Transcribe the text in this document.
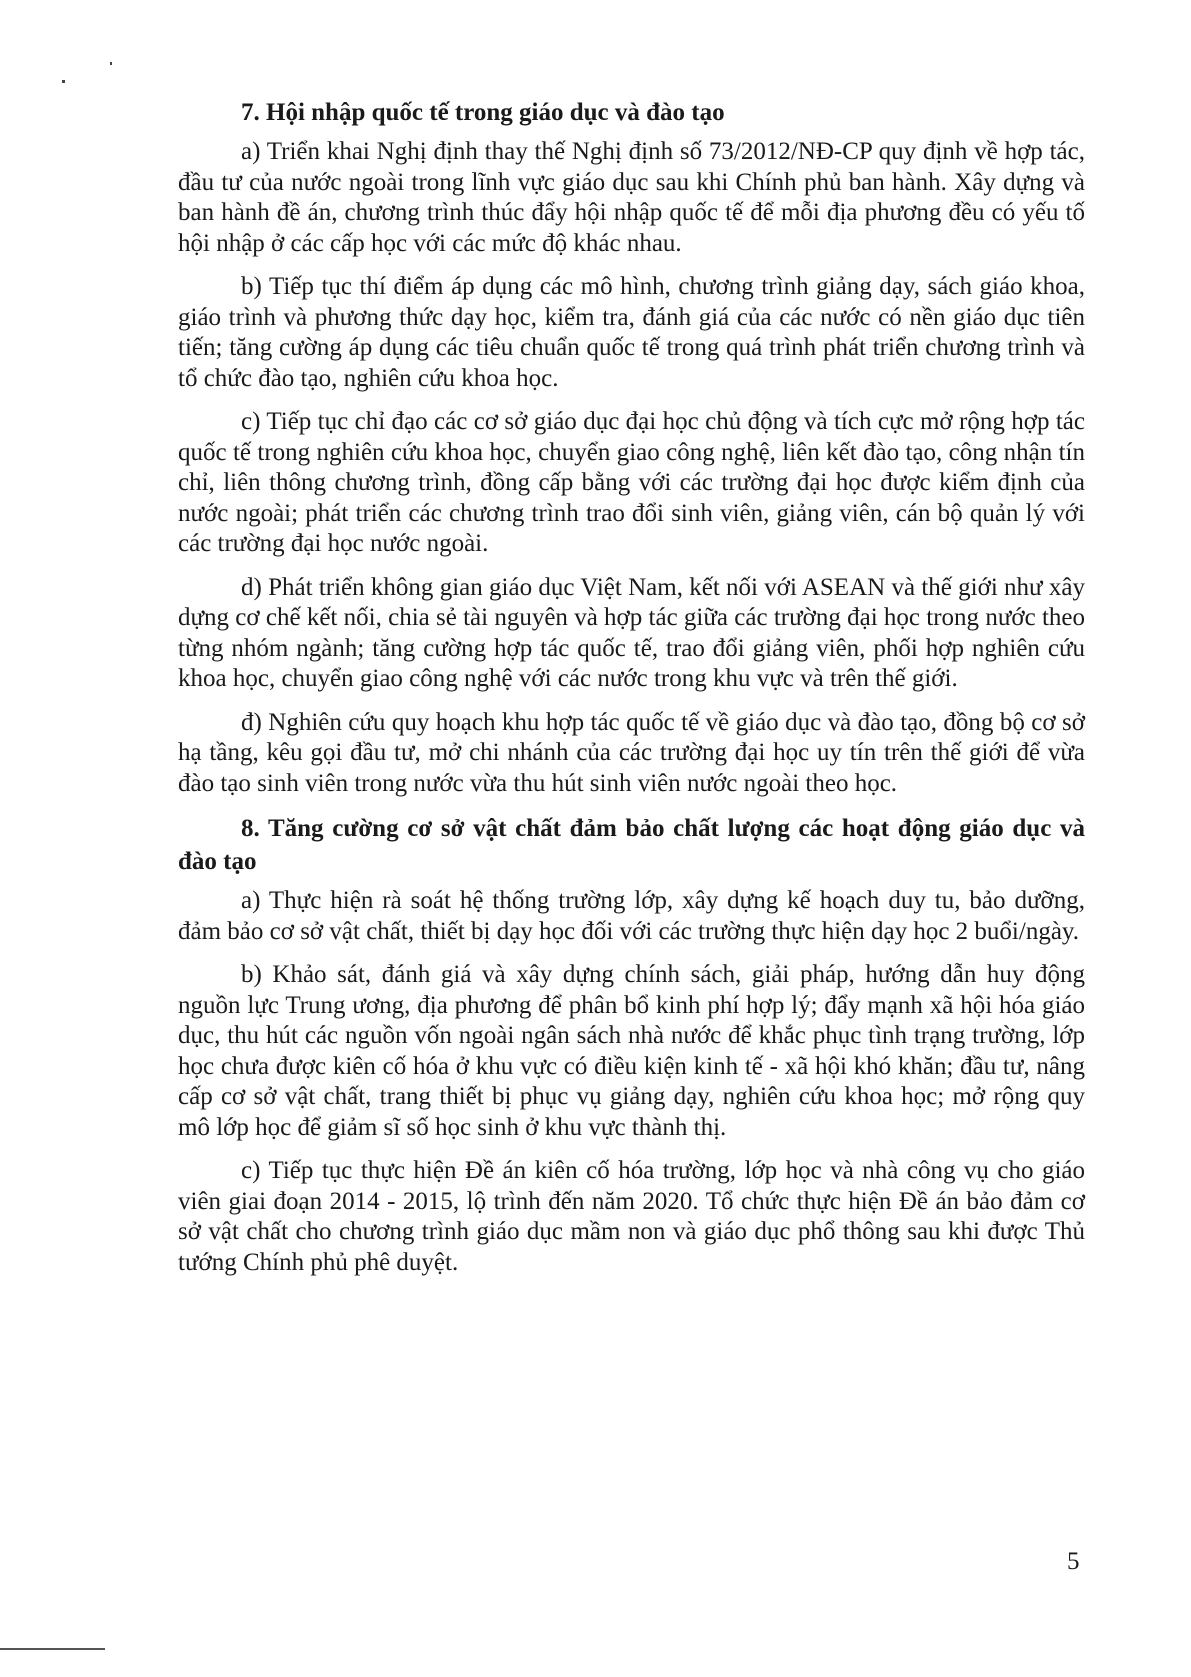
7. Hội nhập quốc tế trong giáo dục và đào tạo

a) Triển khai Nghị định thay thế Nghị định số 73/2012/NĐ-CP quy định về hợp tác, đầu tư của nước ngoài trong lĩnh vực giáo dục sau khi Chính phủ ban hành. Xây dựng và ban hành đề án, chương trình thúc đẩy hội nhập quốc tế để mỗi địa phương đều có yếu tố hội nhập ở các cấp học với các mức độ khác nhau.

b) Tiếp tục thí điểm áp dụng các mô hình, chương trình giảng dạy, sách giáo khoa, giáo trình và phương thức dạy học, kiểm tra, đánh giá của các nước có nền giáo dục tiên tiến; tăng cường áp dụng các tiêu chuẩn quốc tế trong quá trình phát triển chương trình và tổ chức đào tạo, nghiên cứu khoa học.

c) Tiếp tục chỉ đạo các cơ sở giáo dục đại học chủ động và tích cực mở rộng hợp tác quốc tế trong nghiên cứu khoa học, chuyển giao công nghệ, liên kết đào tạo, công nhận tín chỉ, liên thông chương trình, đồng cấp bằng với các trường đại học được kiểm định của nước ngoài; phát triển các chương trình trao đổi sinh viên, giảng viên, cán bộ quản lý với các trường đại học nước ngoài.

d) Phát triển không gian giáo dục Việt Nam, kết nối với ASEAN và thế giới như xây dựng cơ chế kết nối, chia sẻ tài nguyên và hợp tác giữa các trường đại học trong nước theo từng nhóm ngành; tăng cường hợp tác quốc tế, trao đổi giảng viên, phối hợp nghiên cứu khoa học, chuyển giao công nghệ với các nước trong khu vực và trên thế giới.

đ) Nghiên cứu quy hoạch khu hợp tác quốc tế về giáo dục và đào tạo, đồng bộ cơ sở hạ tầng, kêu gọi đầu tư, mở chi nhánh của các trường đại học uy tín trên thế giới để vừa đào tạo sinh viên trong nước vừa thu hút sinh viên nước ngoài theo học.

8. Tăng cường cơ sở vật chất đảm bảo chất lượng các hoạt động giáo dục và đào tạo

a) Thực hiện rà soát hệ thống trường lớp, xây dựng kế hoạch duy tu, bảo dưỡng, đảm bảo cơ sở vật chất, thiết bị dạy học đối với các trường thực hiện dạy học 2 buổi/ngày.

b) Khảo sát, đánh giá và xây dựng chính sách, giải pháp, hướng dẫn huy động nguồn lực Trung ương, địa phương để phân bổ kinh phí hợp lý; đẩy mạnh xã hội hóa giáo dục, thu hút các nguồn vốn ngoài ngân sách nhà nước để khắc phục tình trạng trường, lớp học chưa được kiên cố hóa ở khu vực có điều kiện kinh tế - xã hội khó khăn; đầu tư, nâng cấp cơ sở vật chất, trang thiết bị phục vụ giảng dạy, nghiên cứu khoa học; mở rộng quy mô lớp học để giảm sĩ số học sinh ở khu vực thành thị.

c) Tiếp tục thực hiện Đề án kiên cố hóa trường, lớp học và nhà công vụ cho giáo viên giai đoạn 2014 - 2015, lộ trình đến năm 2020. Tổ chức thực hiện Đề án bảo đảm cơ sở vật chất cho chương trình giáo dục mầm non và giáo dục phổ thông sau khi được Thủ tướng Chính phủ phê duyệt.

5
